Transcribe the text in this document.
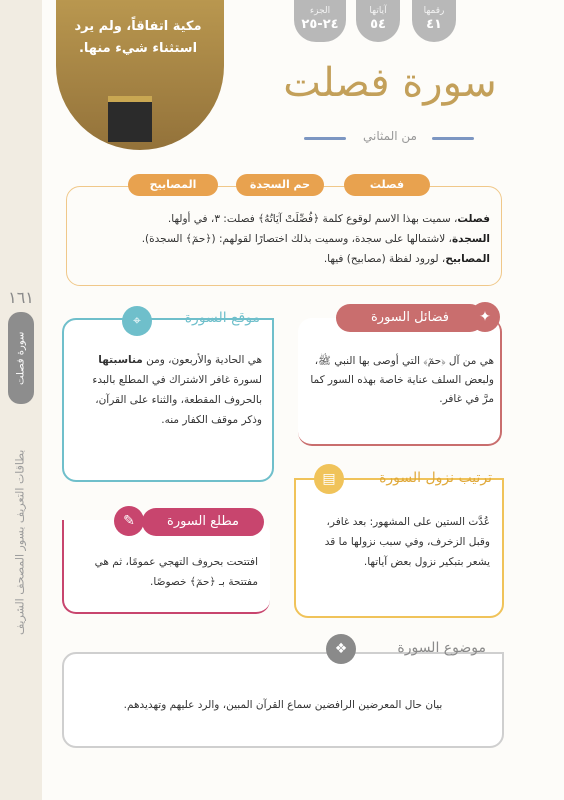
١٦١
سورة فصلت
بطاقات التعريف بسور المصحف الشريف
مكية اتفاقاً، ولم يرد استثناء شيء منها.
رقمها
٤١
آياتها
٥٤
الجزء
٢٤-٢٥
سورة فصلت
من المثاني
فصلت
حم السجدة
المصابيح
فصلت، سميت بهذا الاسم لوقوع كلمة ﴿فُصِّلَتْ آيَاتُهُ﴾ فصلت: ٣، في أولها.
السجدة، لاشتمالها على سجدة، وسميت بذلك اختصارًا لقولهم: (﴿حمٓ﴾ السجدة).
المصابيح، لورود لفظة (مصابيح) فيها.
فضائل السورة	✦
هي من آل ﴿حمٓ﴾ التي أوصى بها النبي ﷺ، ولبعض السلف عناية خاصة بهذه السور كما مرَّ في غافر.
⌖	موقع السورة
هي الحادية والأربعون، ومن مناسبتها لسورة غافر الاشتراك في المطلع بالبدء بالحروف المقطعة، والثناء على القرآن، وذكر موقف الكفار منه.
▤	ترتيب نزول السورة
عُدَّت الستين على المشهور: بعد غافر، وقبل الزخرف، وفي سبب نزولها ما قد يشعر بتبكير نزول بعض آياتها.
✎	مطلع السورة
افتتحت بحروف التهجي عمومًا، ثم هي مفتتحة بـ ﴿حمٓ﴾ خصوصًا.
❖	موضوع السورة
بيان حال المعرضين الرافضين سماع القرآن المبين، والرد عليهم وتهديدهم.
